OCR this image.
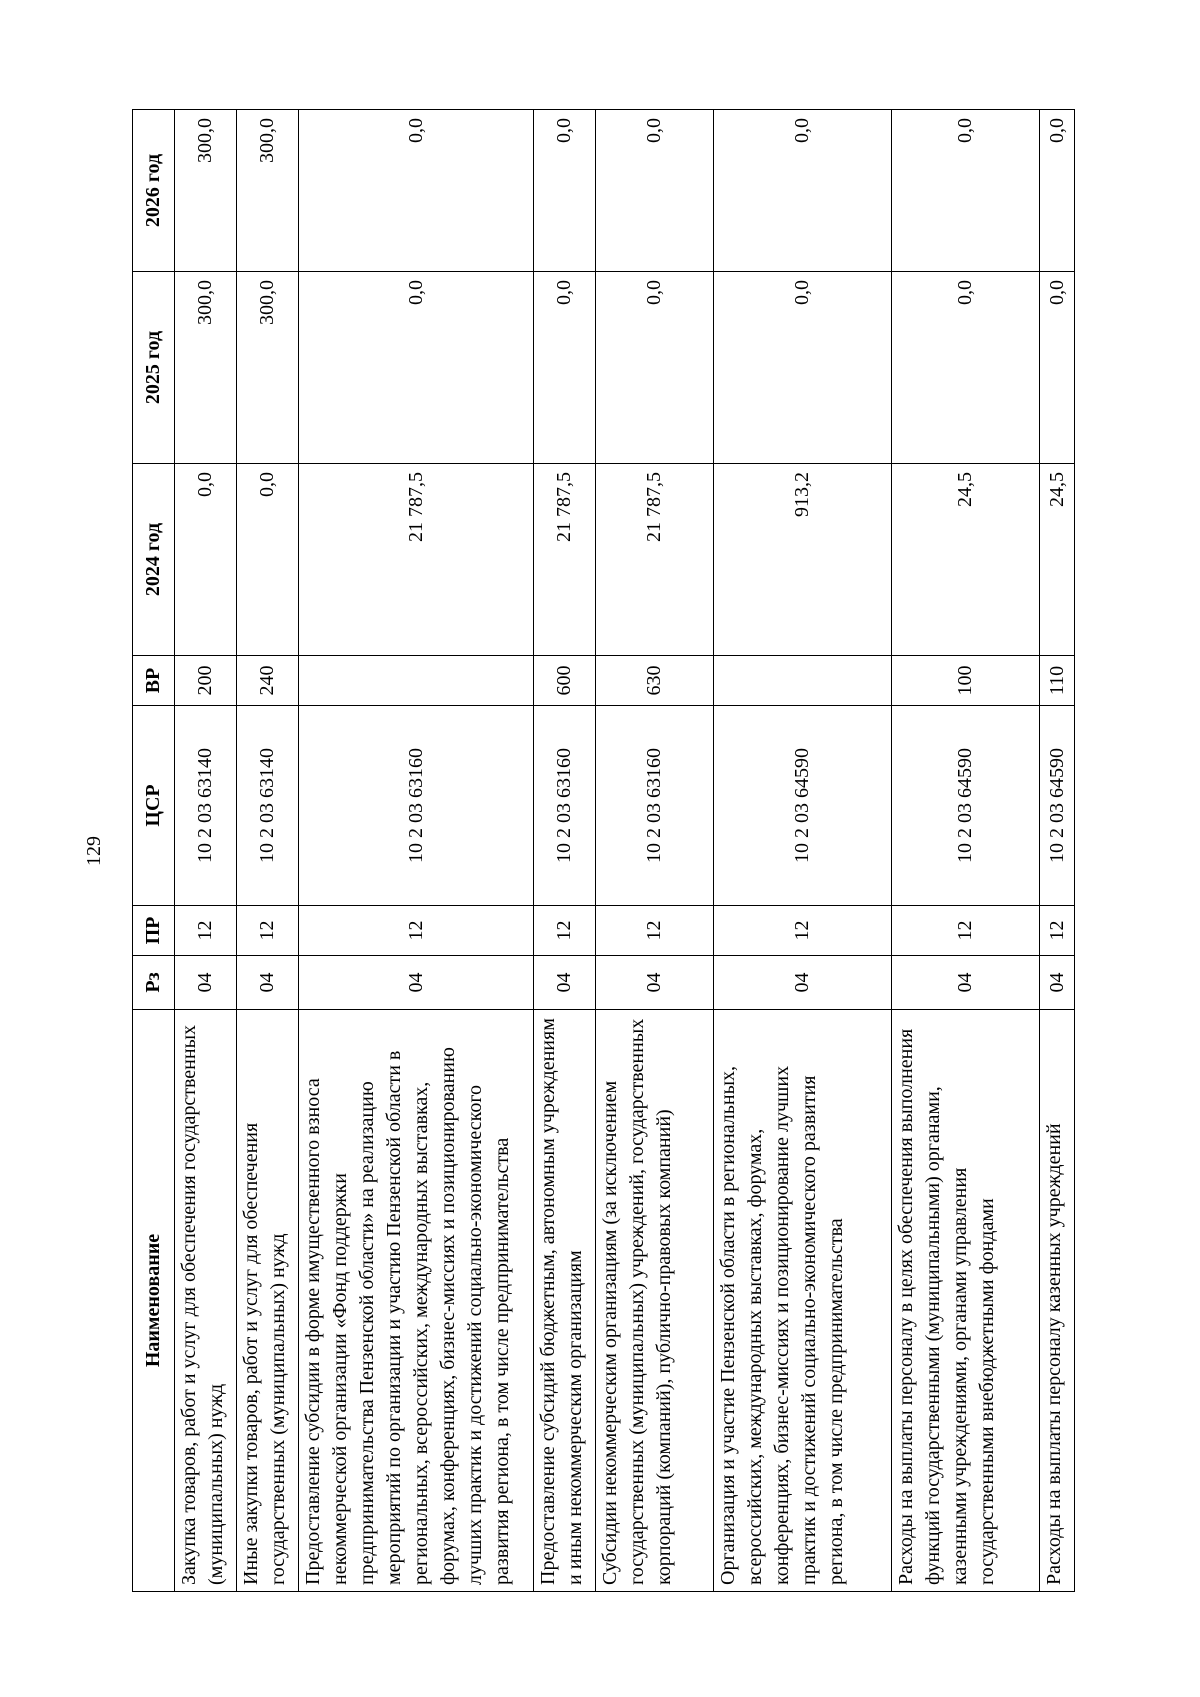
129
Наименование	Рз	ПР	ЦСР	ВР	2024 год	2025 год	2026 год
Закупка товаров, работ и услуг для обеспечения государственных (муниципальных) нужд	04	12	10 2 03 63140	200	0,0	300,0	300,0
Иные закупки товаров, работ и услуг для обеспечения государственных (муниципальных) нужд	04	12	10 2 03 63140	240	0,0	300,0	300,0
Предоставление субсидии в форме имущественного взноса некоммерческой организации «Фонд поддержки предпринимательства Пензенской области» на реализацию мероприятий по организации и участию Пензенской области в региональных, всероссийских, международных выставках, форумах, конференциях, бизнес-миссиях и позиционированию лучших практик и достижений социально-экономического развития региона, в том числе предпринимательства	04	12	10 2 03 63160		21 787,5	0,0	0,0
Предоставление субсидий бюджетным, автономным учреждениям и иным некоммерческим организациям	04	12	10 2 03 63160	600	21 787,5	0,0	0,0
Субсидии некоммерческим организациям (за исключением государственных (муниципальных) учреждений, государственных корпораций (компаний), публично-правовых компаний)	04	12	10 2 03 63160	630	21 787,5	0,0	0,0
Организация и участие Пензенской области в региональных, всероссийских, международных выставках, форумах, конференциях, бизнес-миссиях и позиционирование лучших практик и достижений социально-экономического развития региона, в том числе предпринимательства	04	12	10 2 03 64590		913,2	0,0	0,0
Расходы на выплаты персоналу в целях обеспечения выполнения функций государственными (муниципальными) органами, казенными учреждениями, органами управления государственными внебюджетными фондами	04	12	10 2 03 64590	100	24,5	0,0	0,0
Расходы на выплаты персоналу казенных учреждений	04	12	10 2 03 64590	110	24,5	0,0	0,0
